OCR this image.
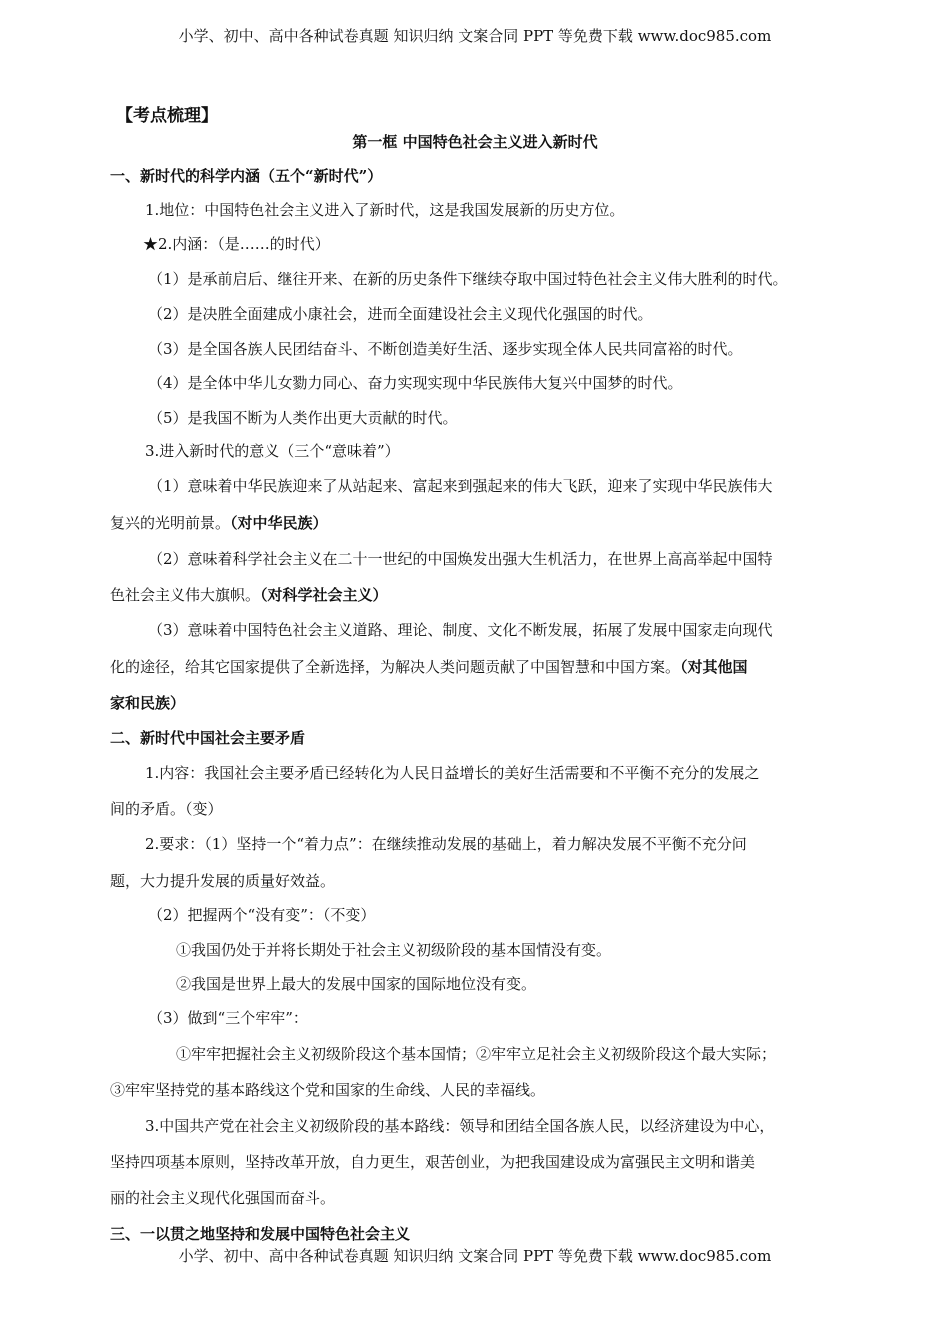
小学、初中、高中各种试卷真题 知识归纳 文案合同 PPT 等免费下载 www.doc985.com
【考点梳理】
第一框 中国特色社会主义进入新时代
一、新时代的科学内涵（五个“新时代”）
1.地位：中国特色社会主义进入了新时代，这是我国发展新的历史方位。
★2.内涵：（是……的时代）
（1）是承前启后、继往开来、在新的历史条件下继续夺取中国过特色社会主义伟大胜利的时代。
（2）是决胜全面建成小康社会，进而全面建设社会主义现代化强国的时代。
（3）是全国各族人民团结奋斗、不断创造美好生活、逐步实现全体人民共同富裕的时代。
（4）是全体中华儿女勠力同心、奋力实现实现中华民族伟大复兴中国梦的时代。
（5）是我国不断为人类作出更大贡献的时代。
3.进入新时代的意义（三个“意味着”）
（1）意味着中华民族迎来了从站起来、富起来到强起来的伟大飞跃，迎来了实现中华民族伟大
复兴的光明前景。（对中华民族）
（2）意味着科学社会主义在二十一世纪的中国焕发出强大生机活力，在世界上高高举起中国特
色社会主义伟大旗帜。（对科学社会主义）
（3）意味着中国特色社会主义道路、理论、制度、文化不断发展，拓展了发展中国家走向现代
化的途径，给其它国家提供了全新选择，为解决人类问题贡献了中国智慧和中国方案。（对其他国
家和民族）
二、新时代中国社会主要矛盾
1.内容：我国社会主要矛盾已经转化为人民日益增长的美好生活需要和不平衡不充分的发展之
间的矛盾。（变）
2.要求：（1）坚持一个“着力点”：在继续推动发展的基础上，着力解决发展不平衡不充分问
题，大力提升发展的质量好效益。
（2）把握两个“没有变”：（不变）
①我国仍处于并将长期处于社会主义初级阶段的基本国情没有变。
②我国是世界上最大的发展中国家的国际地位没有变。
（3）做到“三个牢牢”：
①牢牢把握社会主义初级阶段这个基本国情；②牢牢立足社会主义初级阶段这个最大实际；
③牢牢坚持党的基本路线这个党和国家的生命线、人民的幸福线。
3.中国共产党在社会主义初级阶段的基本路线：领导和团结全国各族人民，以经济建设为中心，
坚持四项基本原则，坚持改革开放，自力更生，艰苦创业，为把我国建设成为富强民主文明和谐美
丽的社会主义现代化强国而奋斗。
三、一以贯之地坚持和发展中国特色社会主义
小学、初中、高中各种试卷真题 知识归纳 文案合同 PPT 等免费下载 www.doc985.com
